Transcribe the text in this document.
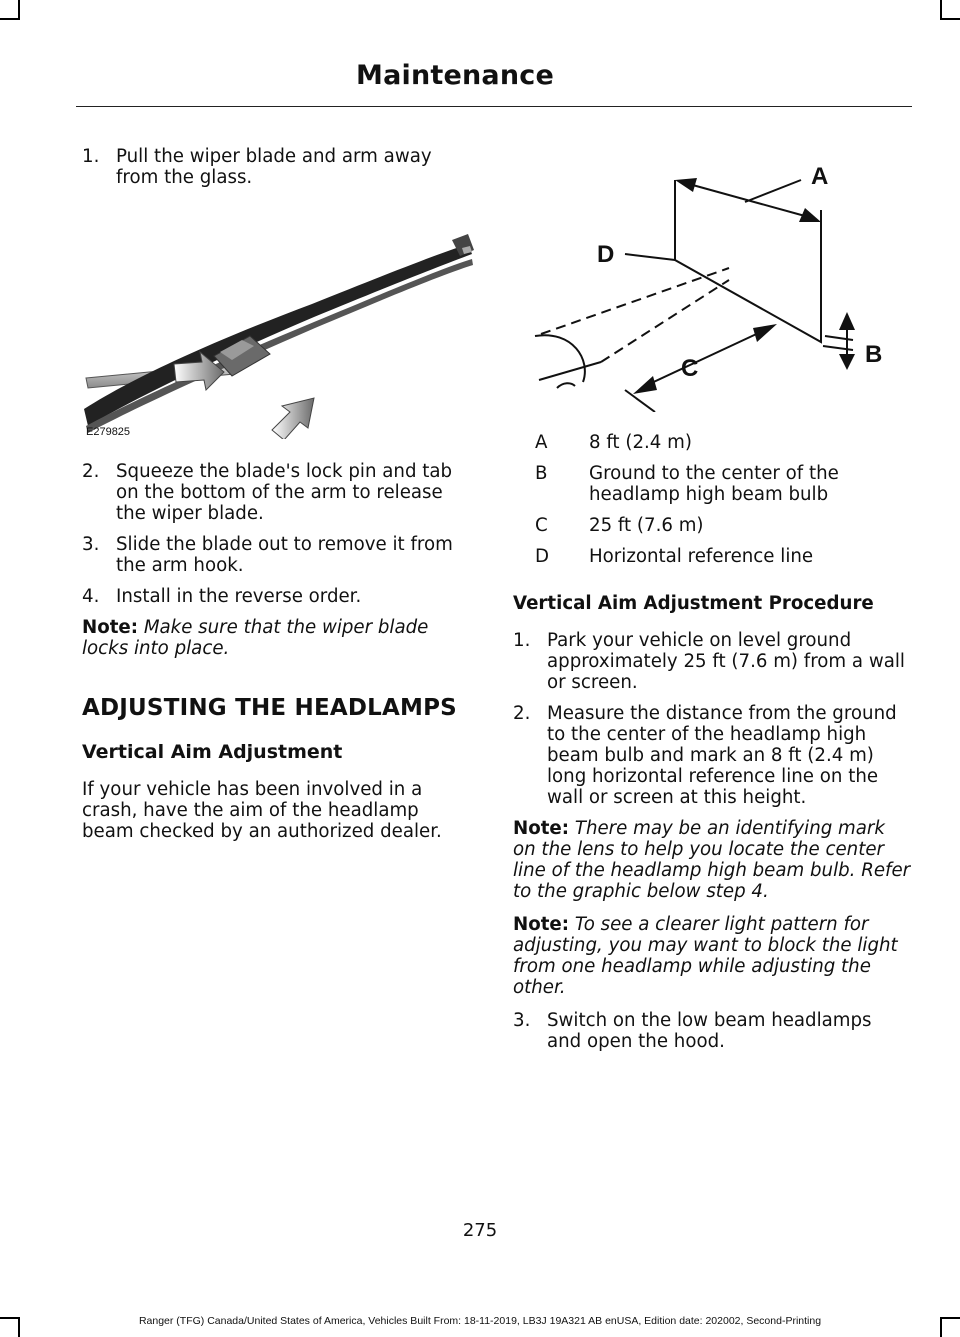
Maintenance
1. Pull the wiper blade and arm away from the glass.
E279825
2. Squeeze the blade's lock pin and tab on the bottom of the arm to release the wiper blade.
3. Slide the blade out to remove it from the arm hook.
4. Install in the reverse order.

Note: Make sure that the wiper blade locks into place.

ADJUSTING THE HEADLAMPS
Vertical Aim Adjustment

If your vehicle has been involved in a crash, have the aim of the headlamp beam checked by an authorized dealer.

A
B
C
D
A	8 ft (2.4 m)
B	Ground to the center of the headlamp high beam bulb
C	25 ft (7.6 m)
D	Horizontal reference line
Vertical Aim Adjustment Procedure
1. Park your vehicle on level ground approximately 25 ft (7.6 m) from a wall or screen.
2. Measure the distance from the ground to the center of the headlamp high beam bulb and mark an 8 ft (2.4 m) long horizontal reference line on the wall or screen at this height.

Note: There may be an identifying mark on the lens to help you locate the center line of the headlamp high beam bulb. Refer to the graphic below step 4.

Note: To see a clearer light pattern for adjusting, you may want to block the light from one headlamp while adjusting the other.

3. Switch on the low beam headlamps and open the hood.
275
Ranger (TFG) Canada/United States of America, Vehicles Built From: 18-11-2019, LB3J 19A321 AB enUSA, Edition date: 202002, Second-Printing
